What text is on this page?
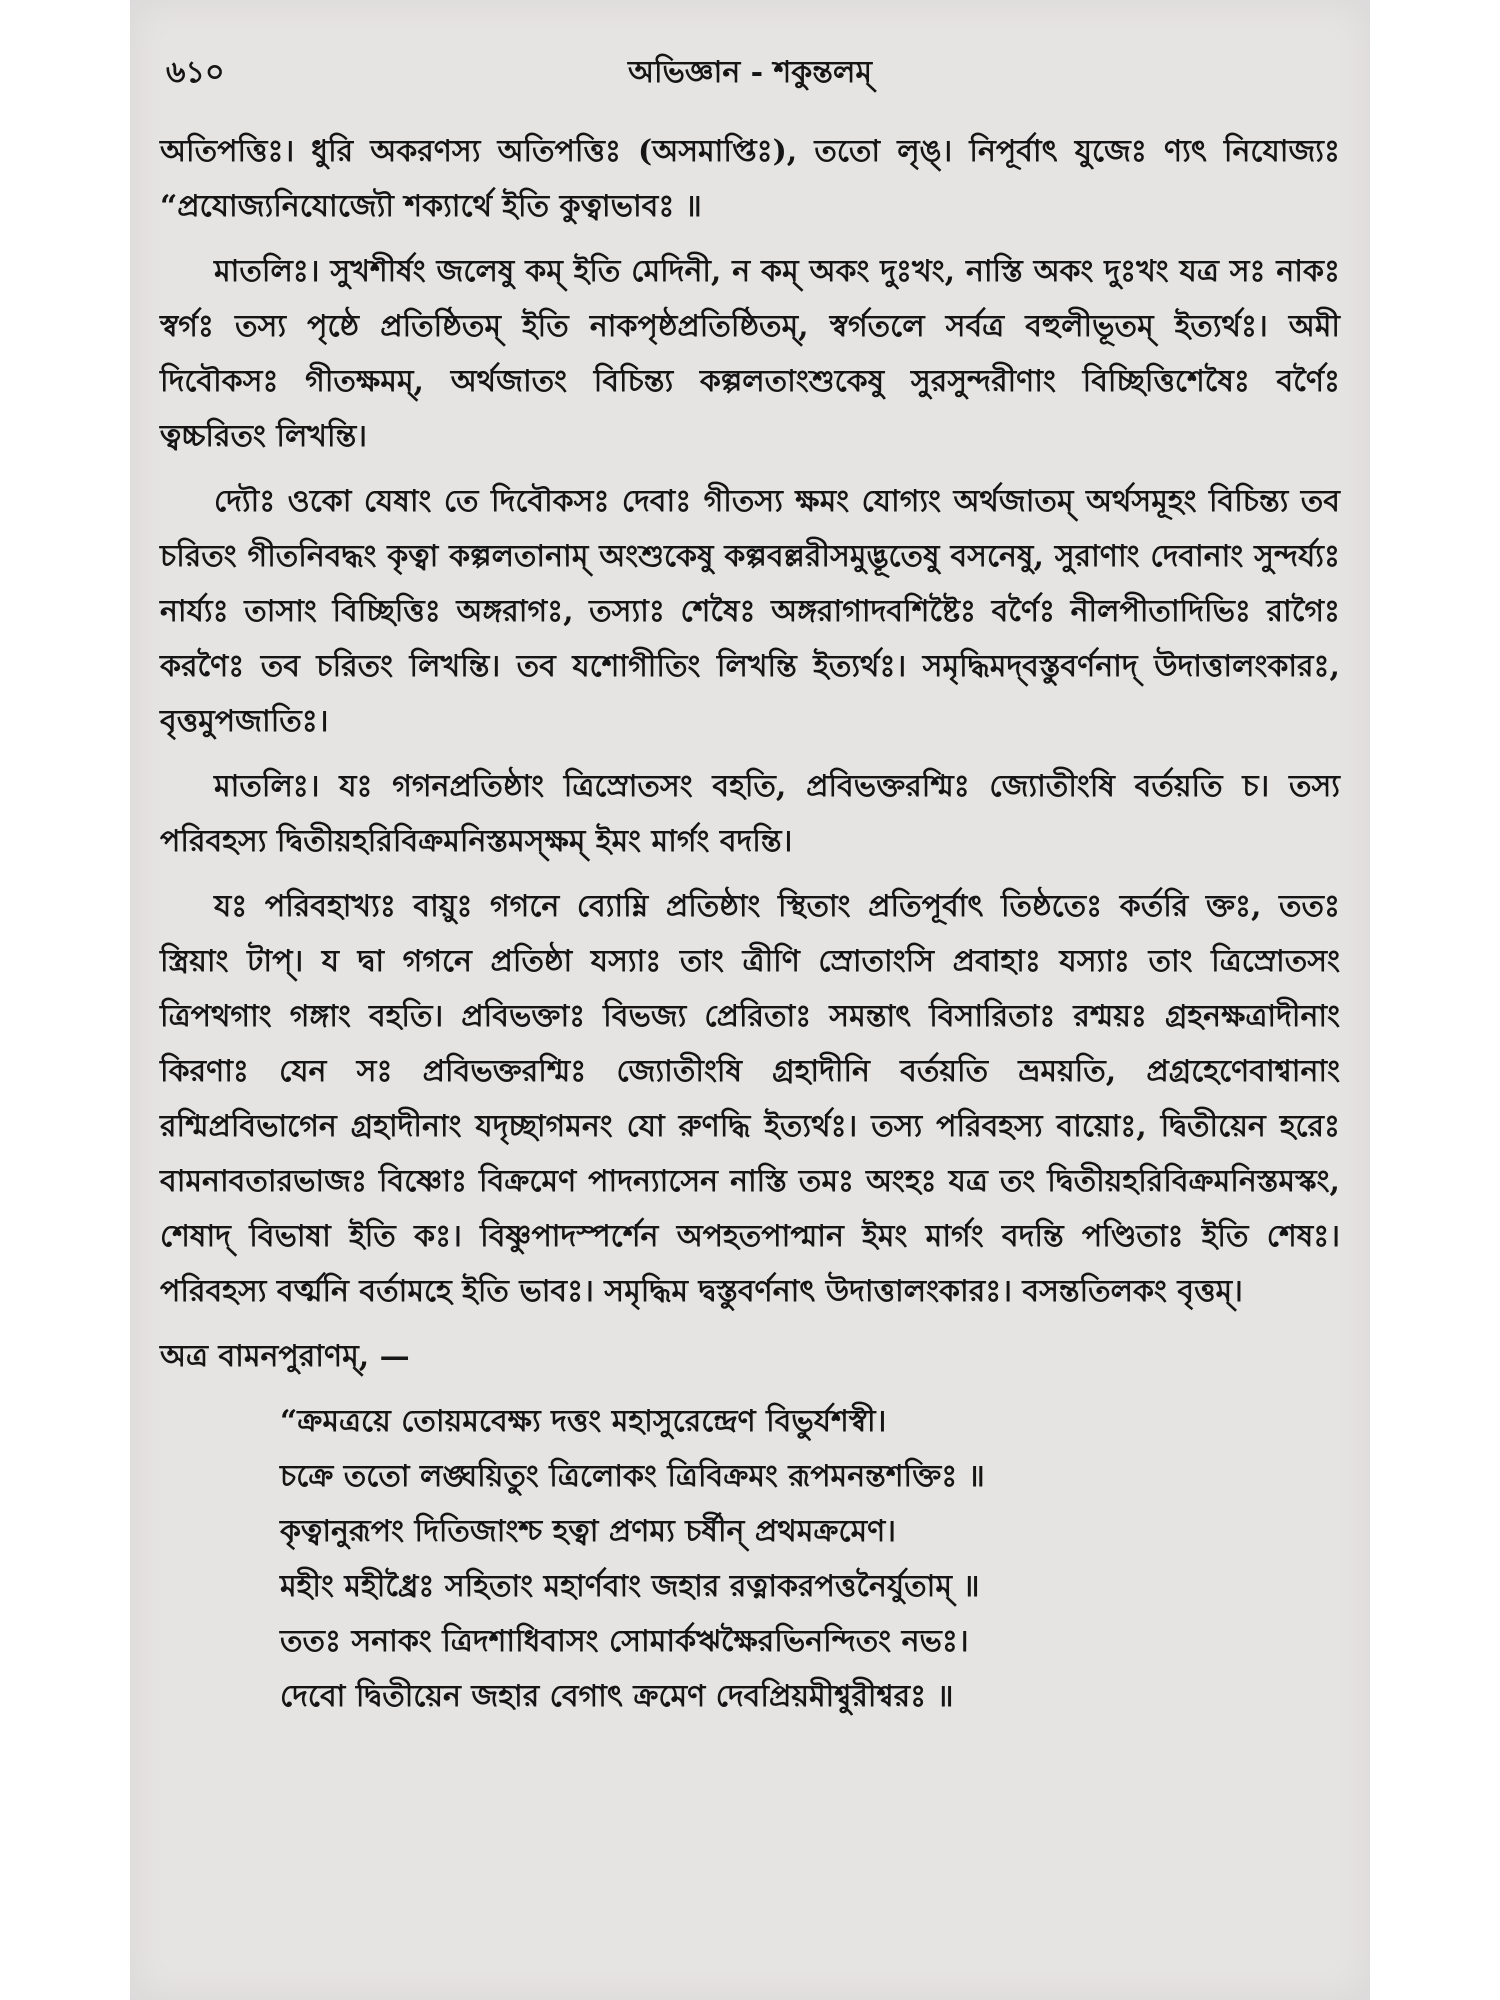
৬১০	অভিজ্ঞান - শকুন্তলম্

অতিপত্তিঃ। ধুরি অকরণস্য অতিপত্তিঃ (অসমাপ্তিঃ), ততো লৃঙ্। নিপূর্বাৎ যুজেঃ ণ্যৎ নিযোজ্যঃ “প্রযোজ্যনিযোজ্যৌ শক্যার্থে ইতি কুত্বাভাবঃ ॥

মাতলিঃ। সুখশীর্ষং জলেষু কম্ ইতি মেদিনী, ন কম্ অকং দুঃখং, নাস্তি অকং দুঃখং যত্র সঃ নাকঃ স্বর্গঃ তস্য পৃষ্ঠে প্রতিষ্ঠিতম্ ইতি নাকপৃষ্ঠপ্রতিষ্ঠিতম্, স্বর্গতলে সর্বত্র বহুলীভূতম্ ইত্যর্থঃ। অমী দিবৌকসঃ গীতক্ষমম্, অর্থজাতং বিচিন্ত্য কল্পলতাংশুকেষু সুরসুন্দরীণাং বিচ্ছিত্তিশেষৈঃ বর্ণৈঃ ত্বচ্চরিতং লিখন্তি।

দ্যৌঃ ওকো যেষাং তে দিবৌকসঃ দেবাঃ গীতস্য ক্ষমং যোগ্যং অর্থজাতম্ অর্থসমূহং বিচিন্ত্য তব চরিতং গীতনিবদ্ধং কৃত্বা কল্পলতানাম্ অংশুকেষু কল্পবল্লরীসমুদ্ভূতেষু বসনেষু, সুরাণাং দেবানাং সুন্দর্য্যঃ নার্য্যঃ তাসাং বিচ্ছিত্তিঃ অঙ্গরাগঃ, তস্যাঃ শেষৈঃ অঙ্গরাগাদবশিষ্টৈঃ বর্ণৈঃ নীলপীতাদিভিঃ রাগৈঃ করণৈঃ তব চরিতং লিখন্তি। তব যশোগীতিং লিখন্তি ইত্যর্থঃ। সমৃদ্ধিমদ্‌বস্তুবর্ণনাদ্ উদাত্তালংকারঃ, বৃত্তমুপজাতিঃ।

মাতলিঃ। যঃ গগনপ্রতিষ্ঠাং ত্রিস্রোতসং বহতি, প্রবিভক্তরশ্মিঃ জ্যোতীংষি বর্তয়তি চ। তস্য পরিবহস্য দ্বিতীয়হরিবিক্রমনিস্তমস্ক্ষম্ ইমং মার্গং বদন্তি।

যঃ পরিবহাখ্যঃ বায়ুঃ গগনে ব্যোম্নি প্রতিষ্ঠাং স্থিতাং প্রতিপূর্বাৎ তিষ্ঠতেঃ কর্তরি ক্তঃ, ততঃ স্ত্রিয়াং টাপ্। য দ্বা গগনে প্রতিষ্ঠা যস্যাঃ তাং ত্রীণি স্রোতাংসি প্রবাহাঃ যস্যাঃ তাং ত্রিস্রোতসং ত্রিপথগাং গঙ্গাং বহতি। প্রবিভক্তাঃ বিভজ্য প্রেরিতাঃ সমন্তাৎ বিসারিতাঃ রশ্ময়ঃ গ্রহনক্ষত্রাদীনাং কিরণাঃ যেন সঃ প্রবিভক্তরশ্মিঃ জ্যোতীংষি গ্রহাদীনি বর্তয়তি ভ্রময়তি, প্রগ্রহেণেবাশ্বানাং রশ্মিপ্রবিভাগেন গ্রহাদীনাং যদৃচ্ছাগমনং যো রুণদ্ধি ইত্যর্থঃ। তস্য পরিবহস্য বায়োঃ, দ্বিতীয়েন হরেঃ বামনাবতারভাজঃ বিষ্ণোঃ বিক্রমেণ পাদন্যাসেন নাস্তি তমঃ অংহঃ যত্র তং দ্বিতীয়হরিবিক্রমনিস্তমস্কং, শেষাদ্ বিভাষা ইতি কঃ। বিষ্ণুপাদস্পর্শেন অপহতপাপ্মান ইমং মার্গং বদন্তি পণ্ডিতাঃ ইতি শেষঃ। পরিবহস্য বর্ত্মনি বর্তামহে ইতি ভাবঃ। সমৃদ্ধিম দ্বস্তুবর্ণনাৎ উদাত্তালংকারঃ। বসন্ততিলকং বৃত্তম্।

অত্র বামনপুরাণম্, —

“ক্রমত্রয়ে তোয়মবেক্ষ্য দত্তং মহাসুরেন্দ্রেণ বিভুর্যশস্বী।
চক্রে ততো লঙ্ঘয়িতুং ত্রিলোকং ত্রিবিক্রমং রূপমনন্তশক্তিঃ ॥
কৃত্বানুরূপং দিতিজাংশ্চ হত্বা প্রণম্য চর্ষীন্ প্রথমক্রমেণ।
মহীং মহীধ্রৈঃ সহিতাং মহার্ণবাং জহার রত্নাকরপত্তনৈর্যুতাম্ ॥
ততঃ সনাকং ত্রিদশাধিবাসং সোমার্কঋক্ষৈরভিনন্দিতং নভঃ।
দেবো দ্বিতীয়েন জহার বেগাৎ ক্রমেণ দেবপ্রিয়মীশ্বুরীশ্বরঃ ॥
